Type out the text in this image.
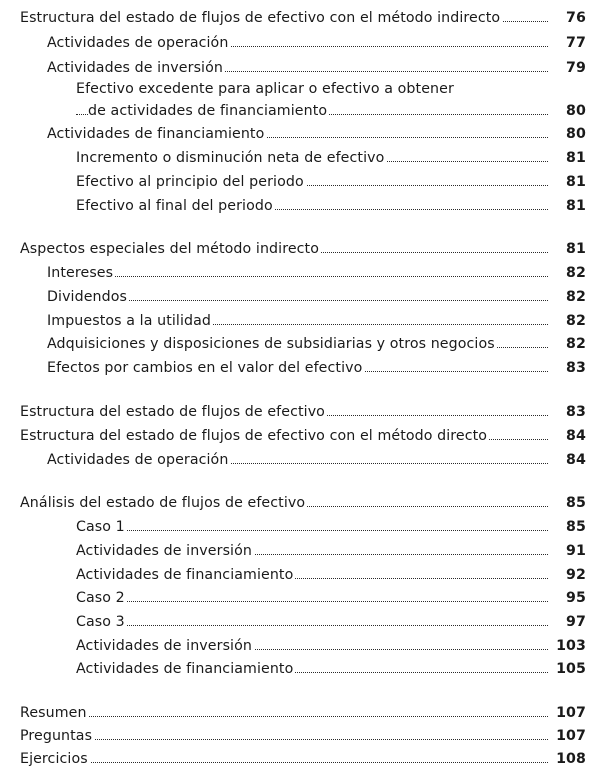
Estructura del estado de flujos de efectivo con el método indirecto	76
Actividades de operación	77
Actividades de inversión	79
Efectivo excedente para aplicar o efectivo a obtener
de actividades de financiamiento	80
Actividades de financiamiento	80
Incremento o disminución neta de efectivo	81
Efectivo al principio del periodo	81
Efectivo al final del periodo	81
Aspectos especiales del método indirecto	81
Intereses	82
Dividendos	82
Impuestos a la utilidad	82
Adquisiciones y disposiciones de subsidiarias y otros negocios	82
Efectos por cambios en el valor del efectivo	83
Estructura del estado de flujos de efectivo	83
Estructura del estado de flujos de efectivo con el método directo	84
Actividades de operación	84
Análisis del estado de flujos de efectivo	85
Caso 1	85
Actividades de inversión	91
Actividades de financiamiento	92
Caso 2	95
Caso 3	97
Actividades de inversión	103
Actividades de financiamiento	105
Resumen	107
Preguntas	107
Ejercicios	108
